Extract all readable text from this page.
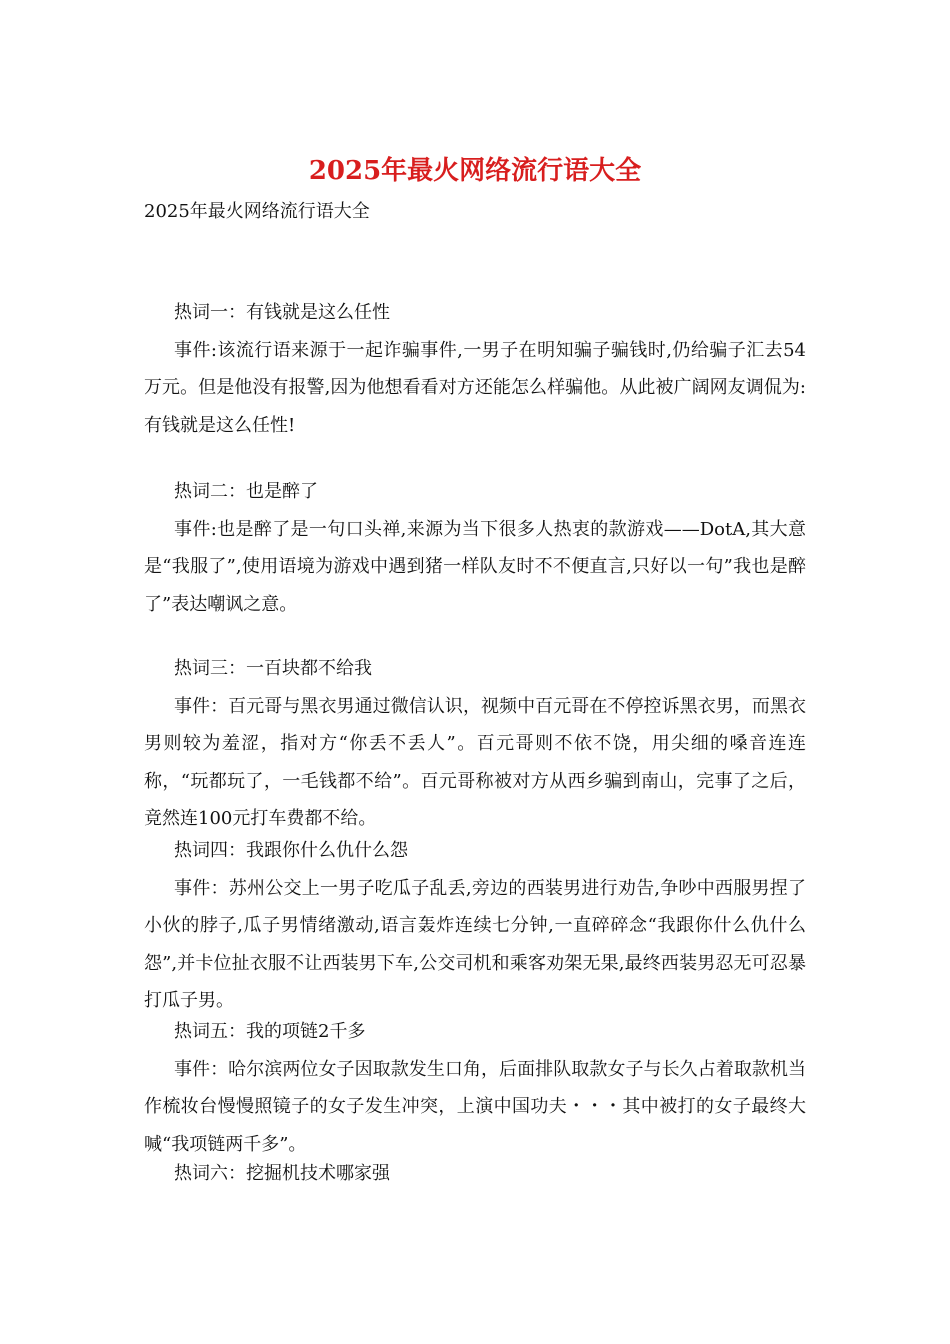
2025年最火网络流行语大全
2025年最火网络流行语大全

热词一：有钱就是这么任性

事件:该流行语来源于一起诈骗事件,一男子在明知骗子骗钱时,仍给骗子汇去54万元。但是他没有报警,因为他想看看对方还能怎么样骗他。从此被广阔网友调侃为:有钱就是这么任性!

热词二：也是醉了

事件:也是醉了是一句口头禅,来源为当下很多人热衷的款游戏——DotA,其大意是“我服了”,使用语境为游戏中遇到猪一样队友时不不便直言,只好以一句”我也是醉了”表达嘲讽之意。

热词三：一百块都不给我

事件：百元哥与黑衣男通过微信认识，视频中百元哥在不停控诉黑衣男，而黑衣男则较为羞涩，指对方“你丢不丢人”。百元哥则不依不饶，用尖细的嗓音连连称，“玩都玩了，一毛钱都不给”。百元哥称被对方从西乡骗到南山，完事了之后，竟然连100元打车费都不给。

热词四：我跟你什么仇什么怨

事件：苏州公交上一男子吃瓜子乱丢,旁边的西装男进行劝告,争吵中西服男捏了小伙的脖子,瓜子男情绪激动,语言轰炸连续七分钟,一直碎碎念“我跟你什么仇什么怨”,并卡位扯衣服不让西装男下车,公交司机和乘客劝架无果,最终西装男忍无可忍暴打瓜子男。

热词五：我的项链2千多

事件：哈尔滨两位女子因取款发生口角，后面排队取款女子与长久占着取款机当作梳妆台慢慢照镜子的女子发生冲突，上演中国功夫・・・其中被打的女子最终大喊“我项链两千多”。

热词六：挖掘机技术哪家强
